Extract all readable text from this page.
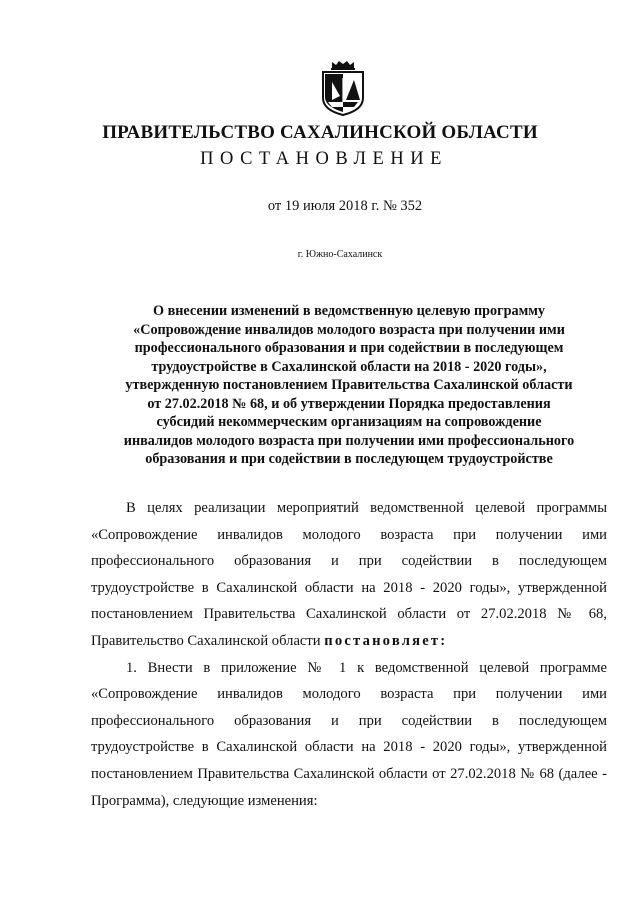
ПРАВИТЕЛЬСТВО САХАЛИНСКОЙ ОБЛАСТИ
ПОСТАНОВЛЕНИЕ
от 19 июля 2018 г. № 352
г. Южно-Сахалинск
О внесении изменений в ведомственную целевую программу
«Сопровождение инвалидов молодого возраста при получении ими
профессионального образования и при содействии в последующем
трудоустройстве в Сахалинской области на 2018 - 2020 годы»,
утвержденную постановлением Правительства Сахалинской области
от 27.02.2018 № 68, и об утверждении Порядка предоставления
субсидий некоммерческим организациям на сопровождение
инвалидов молодого возраста при получении ими профессионального
образования и при содействии в последующем трудоустройстве

В целях реализации мероприятий ведомственной целевой программы «Сопровождение инвалидов молодого возраста при получении ими профессионального образования и при содействии в последующем трудоустройстве в Сахалинской области на 2018 - 2020 годы», утвержденной постановлением Правительства Сахалинской области от 27.02.2018 № 68, Правительство Сахалинской области постановляет:

1. Внести в приложение № 1 к ведомственной целевой программе «Сопровождение инвалидов молодого возраста при получении ими профессионального образования и при содействии в последующем трудоустройстве в Сахалинской области на 2018 - 2020 годы», утвержденной постановлением Правительства Сахалинской области от 27.02.2018 № 68 (далее - Программа), следующие изменения:
